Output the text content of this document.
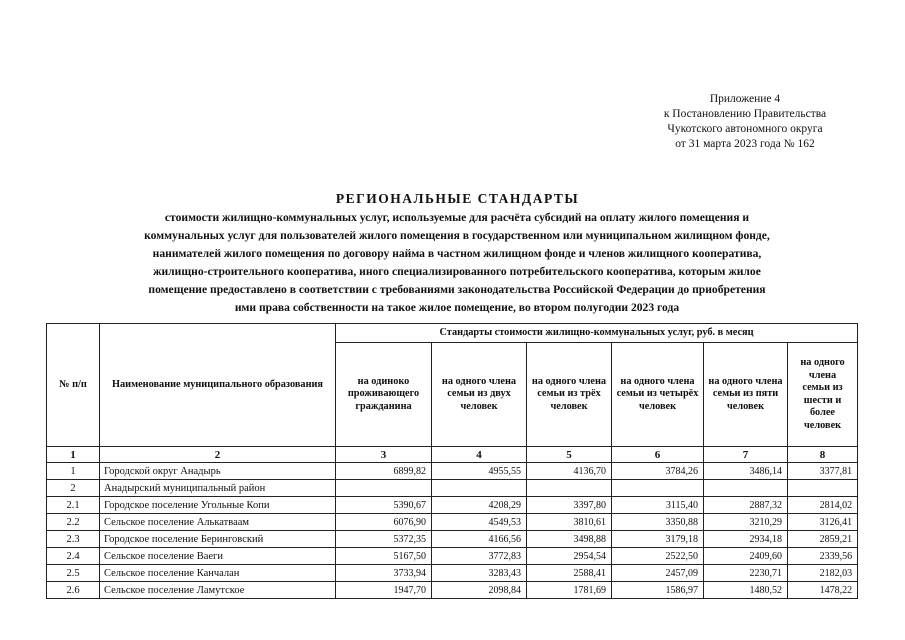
Приложение 4
к Постановлению Правительства
Чукотского автономного округа
от 31 марта 2023 года № 162
РЕГИОНАЛЬНЫЕ СТАНДАРТЫ
стоимости жилищно-коммунальных услуг, используемые для расчёта субсидий на оплату жилого помещения и
коммунальных услуг для пользователей жилого помещения в государственном или муниципальном жилищном фонде,
нанимателей жилого помещения по договору найма в частном жилищном фонде и членов жилищного кооператива,
жилищно-строительного кооператива, иного специализированного потребительского кооператива, которым жилое
помещение предоставлено в соответствии с требованиями законодательства Российской Федерации до приобретения
ими права собственности на такое жилое помещение, во втором полугодии 2023 года
№ п/п	Наименование муниципального образования	Стандарты стоимости жилищно-коммунальных услуг, руб. в месяц					
		на одиноко проживающего гражданина	на одного члена семьи из двух человек	на одного члена семьи из трёх человек	на одного члена семьи из четырёх человек	на одного члена семьи из пяти человек	на одного члена семьи из шести и более человек
1	2	3	4	5	6	7	8
1	Городской округ Анадырь	6899,82	4955,55	4136,70	3784,26	3486,14	3377,81
2	Анадырский муниципальный район						
2.1	Городское поселение Угольные Копи	5390,67	4208,29	3397,80	3115,40	2887,32	2814,02
2.2	Сельское поселение Алькатваам	6076,90	4549,53	3810,61	3350,88	3210,29	3126,41
2.3	Городское поселение Беринговский	5372,35	4166,56	3498,88	3179,18	2934,18	2859,21
2.4	Сельское поселение Ваеги	5167,50	3772,83	2954,54	2522,50	2409,60	2339,56
2.5	Сельское поселение Канчалан	3733,94	3283,43	2588,41	2457,09	2230,71	2182,03
2.6	Сельское поселение Ламутское	1947,70	2098,84	1781,69	1586,97	1480,52	1478,22
